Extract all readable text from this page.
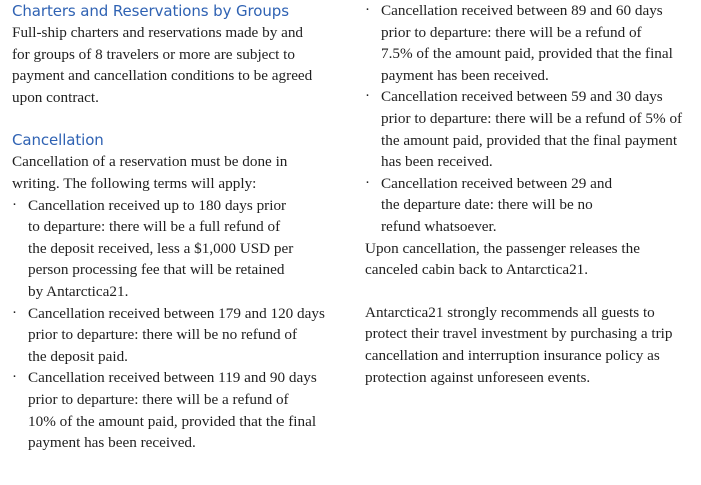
Charters and Reservations by Groups
Full-ship charters and reservations made by and
for groups of 8 travelers or more are subject to
payment and cancellation conditions to be agreed
upon contract.
Cancellation
Cancellation of a reservation must be done in
writing. The following terms will apply:
· Cancellation received up to 180 days prior
to departure: there will be a full refund of
the deposit received, less a $1,000 USD per
person processing fee that will be retained
by Antarctica21.
· Cancellation received between 179 and 120 days
prior to departure: there will be no refund of
the deposit paid.
· Cancellation received between 119 and 90 days
prior to departure: there will be a refund of
10% of the amount paid, provided that the final
payment has been received.
· Cancellation received between 89 and 60 days
prior to departure: there will be a refund of
7.5% of the amount paid, provided that the final
payment has been received.
· Cancellation received between 59 and 30 days
prior to departure: there will be a refund of 5% of
the amount paid, provided that the final payment
has been received.
· Cancellation received between 29 and
the departure date: there will be no
refund whatsoever.
Upon cancellation, the passenger releases the
canceled cabin back to Antarctica21.
Antarctica21 strongly recommends all guests to
protect their travel investment by purchasing a trip
cancellation and interruption insurance policy as
protection against unforeseen events.
